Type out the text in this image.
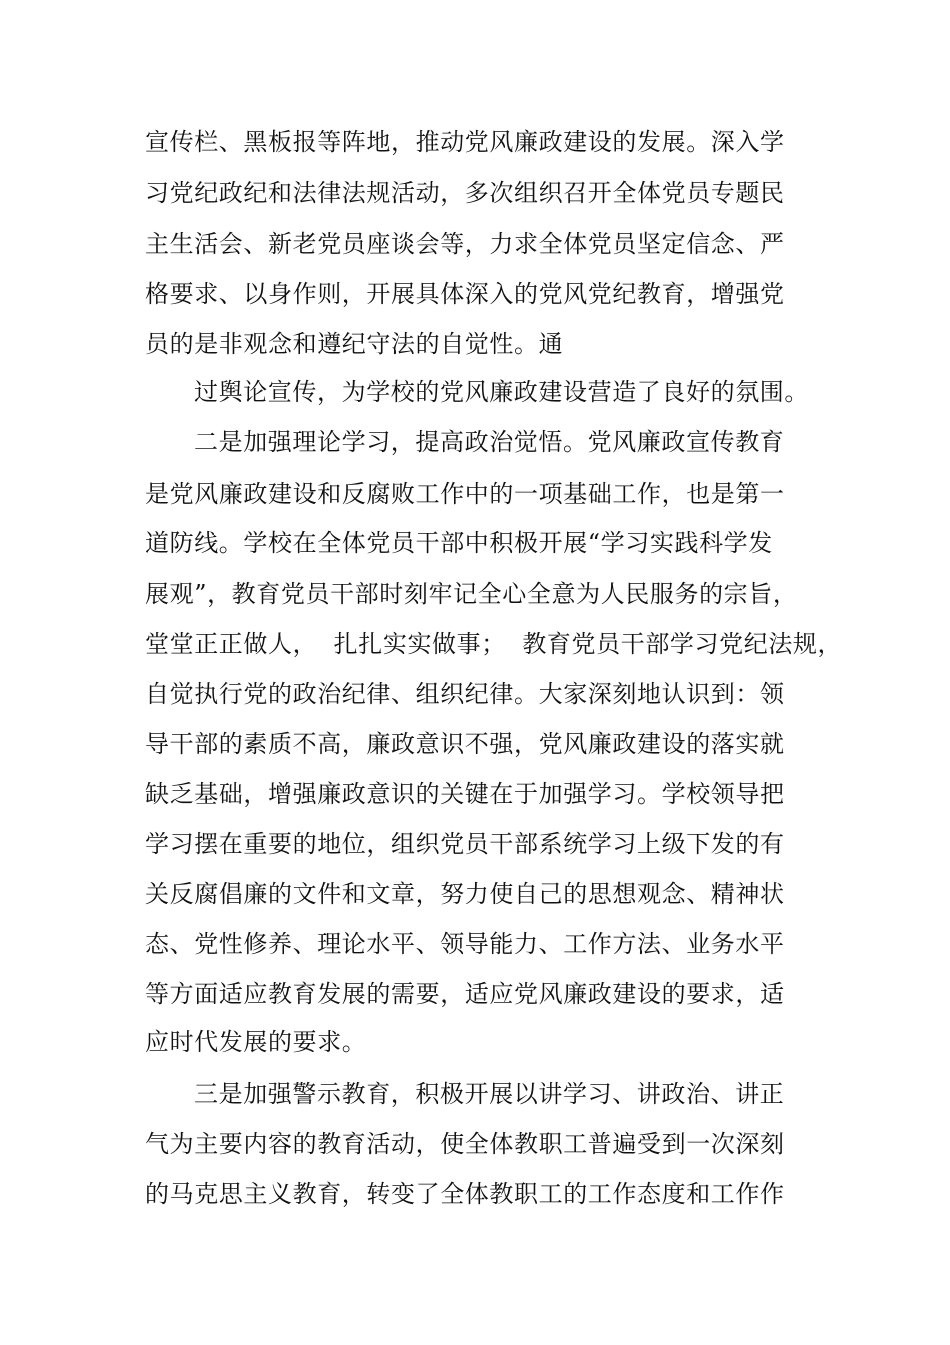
宣传栏、黑板报等阵地，推动党风廉政建设的发展。深入学
习党纪政纪和法律法规活动，多次组织召开全体党员专题民
主生活会、新老党员座谈会等，力求全体党员坚定信念、严
格要求、以身作则，开展具体深入的党风党纪教育，增强党
员的是非观念和遵纪守法的自觉性。通
过舆论宣传，为学校的党风廉政建设营造了良好的氛围。
二是加强理论学习，提高政治觉悟。党风廉政宣传教育
是党风廉政建设和反腐败工作中的一项基础工作，也是第一
道防线。学校在全体党员干部中积极开展“学习实践科学发
展观”，教育党员干部时刻牢记全心全意为人民服务的宗旨，
堂堂正正做人，  扎扎实实做事；  教育党员干部学习党纪法规，
自觉执行党的政治纪律、组织纪律。大家深刻地认识到：领
导干部的素质不高，廉政意识不强，党风廉政建设的落实就
缺乏基础，增强廉政意识的关键在于加强学习。学校领导把
学习摆在重要的地位，组织党员干部系统学习上级下发的有
关反腐倡廉的文件和文章，努力使自己的思想观念、精神状
态、党性修养、理论水平、领导能力、工作方法、业务水平
等方面适应教育发展的需要，适应党风廉政建设的要求，适
应时代发展的要求。
三是加强警示教育，积极开展以讲学习、讲政治、讲正
气为主要内容的教育活动，使全体教职工普遍受到一次深刻
的马克思主义教育，转变了全体教职工的工作态度和工作作
